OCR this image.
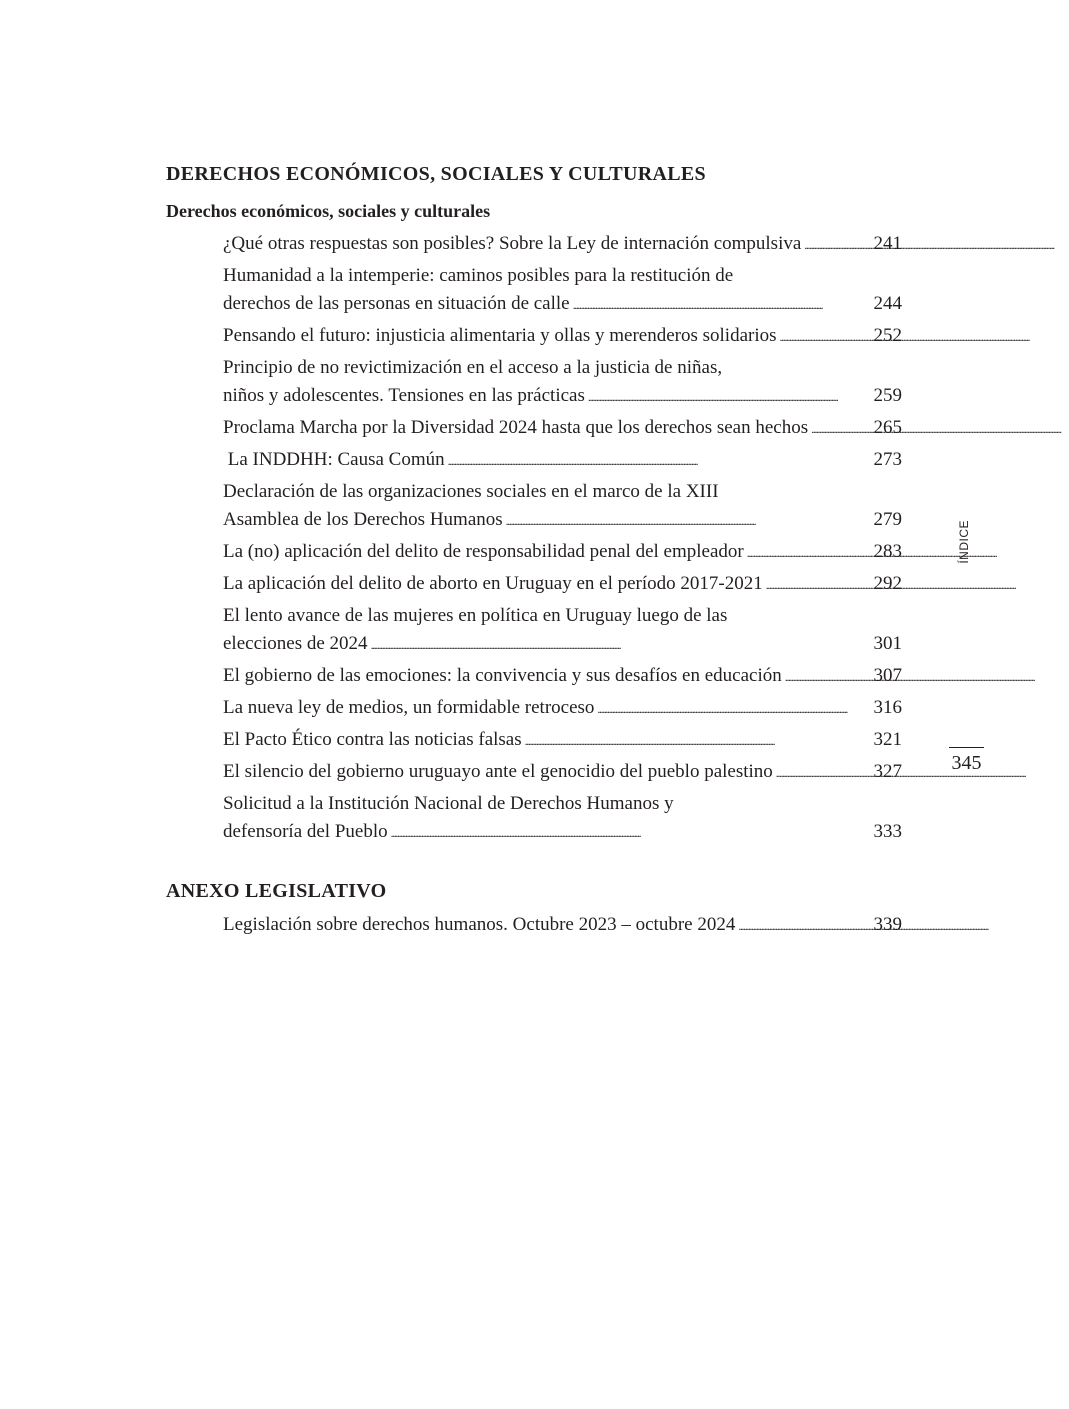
DERECHOS ECONÓMICOS, SOCIALES Y CULTURALES
Derechos económicos, sociales y culturales
¿Qué otras respuestas son posibles? Sobre la Ley de internación compulsiva . . .	241
Humanidad a la intemperie: caminos posibles para la restitución de
derechos de las personas en situación de calle . . .	244
Pensando el futuro: injusticia alimentaria y ollas y merenderos solidarios . . .	252
Principio de no revictimización en el acceso a la justicia de niñas,
niños y adolescentes. Tensiones en las prácticas . . .	259
Proclama Marcha por la Diversidad 2024 hasta que los derechos sean hechos . . .	265
La INDDHH: Causa Común . . .	273
Declaración de las organizaciones sociales en el marco de la XIII
Asamblea de los Derechos Humanos . . .	279
La (no) aplicación del delito de responsabilidad penal del empleador . . .	283
La aplicación del delito de aborto en Uruguay en el período 2017-2021 . . .	292
El lento avance de las mujeres en política en Uruguay luego de las
elecciones de 2024 . . .	301
El gobierno de las emociones: la convivencia y sus desafíos en educación . . .	307
La nueva ley de medios, un formidable retroceso . . .	316
El Pacto Ético contra las noticias falsas . . .	321
El silencio del gobierno uruguayo ante el genocidio del pueblo palestino . . .	327
Solicitud a la Institución Nacional de Derechos Humanos y
defensoría del Pueblo . . .	333
ANEXO LEGISLATIVO
Legislación sobre derechos humanos. Octubre 2023 – octubre 2024 . . .	339
ÍNDICE
345
